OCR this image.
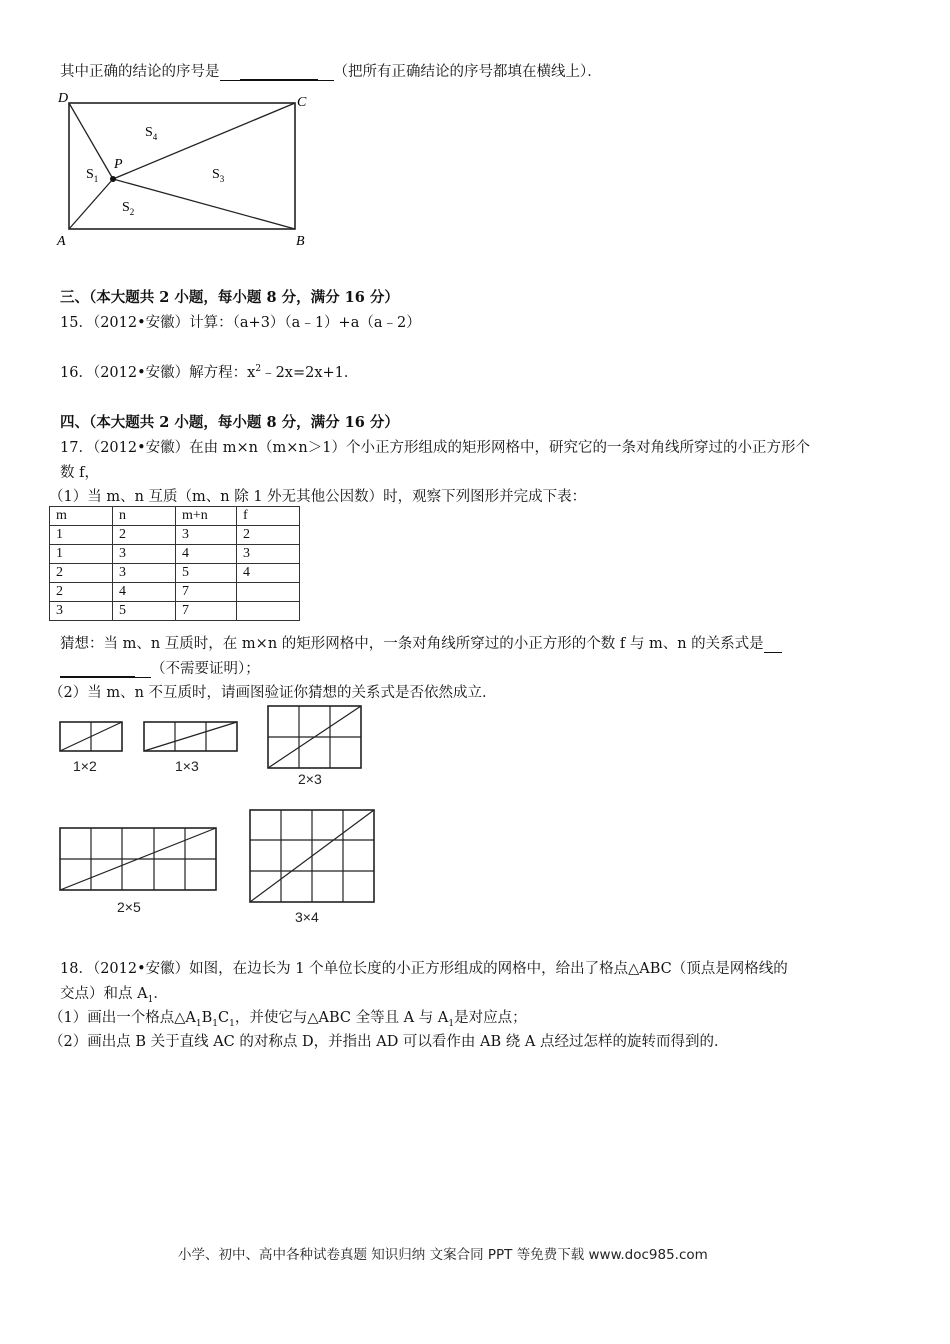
其中正确的结论的序号是	（把所有正确结论的序号都填在横线上）．
D	C
A	B
P
$S_4$
$S_1$	$S_3$
$S_2$
三、（本大题共 2 小题，每小题 8 分，满分 16 分）
15．（2012•安徽）计算：（a+3）（a﹣1）+a（a﹣2）
16．（2012•安徽）解方程：$x^2﹣2x=2x+1$．
四、（本大题共 2 小题，每小题 8 分，满分 16 分）
17．（2012•安徽）在由 m×n（m×n＞1）个小正方形组成的矩形网格中，研究它的一条对角线所穿过的小正方形个
数 f，
（1）当 m、n 互质（m、n 除 1 外无其他公因数）时，观察下列图形并完成下表：
m	n	m+n	f
1	2	3	2
1	3	4	3
2	3	5	4
2	4	7	
3	5	7	
猜想：当 m、n 互质时，在 m×n 的矩形网格中，一条对角线所穿过的小正方形的个数 f 与 m、n 的关系式是
（不需要证明）；
（2）当 m、n 不互质时，请画图验证你猜想的关系式是否依然成立．
1×2	1×3
2×3
2×5
3×4
18．（2012•安徽）如图，在边长为 1 个单位长度的小正方形组成的网格中，给出了格点△ABC（顶点是网格线的
交点）和点 $A_1$．
（1）画出一个格点$\triangle A_1B_1C_1$，并使它与△ABC 全等且 A 与 $A_1$是对应点；
（2）画出点 B 关于直线 AC 的对称点 D，并指出 AD 可以看作由 AB 绕 A 点经过怎样的旋转而得到的．
小学、初中、高中各种试卷真题 知识归纳 文案合同 PPT 等免费下载 www.doc985.com
